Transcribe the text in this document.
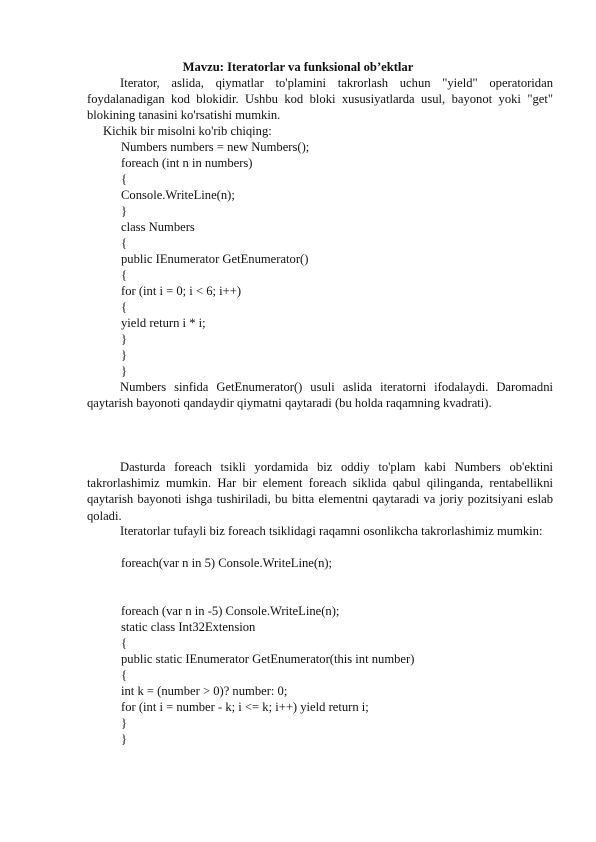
Mavzu: Iteratorlar va funksional ob’ektlar
Iterator, aslida, qiymatlar to'plamini takrorlash uchun "yield" operatoridan foydalanadigan kod blokidir. Ushbu kod bloki xususiyatlarda usul, bayonot yoki "get" blokining tanasini ko'rsatishi mumkin.
Kichik bir misolni ko'rib chiqing:
Numbers numbers = new Numbers();
foreach (int n in numbers)
{
Console.WriteLine(n);
}
class Numbers
{
public IEnumerator GetEnumerator()
{
for (int i = 0; i < 6; i++)
{
yield return i * i;
}
}
}
Numbers sinfida GetEnumerator() usuli aslida iteratorni ifodalaydi. Daromadni qaytarish bayonoti qandaydir qiymatni qaytaradi (bu holda raqamning kvadrati).
Dasturda foreach tsikli yordamida biz oddiy to'plam kabi Numbers ob'ektini takrorlashimiz mumkin. Har bir element foreach siklida qabul qilinganda, rentabellikni qaytarish bayonoti ishga tushiriladi, bu bitta elementni qaytaradi va joriy pozitsiyani eslab qoladi.
Iteratorlar tufayli biz foreach tsiklidagi raqamni osonlikcha takrorlashimiz mumkin:
foreach(var n in 5) Console.WriteLine(n);
foreach (var n in -5) Console.WriteLine(n);
static class Int32Extension
{
public static IEnumerator GetEnumerator(this int number)
{
int k = (number > 0)? number: 0;
for (int i = number - k; i <= k; i++) yield return i;
}
}
